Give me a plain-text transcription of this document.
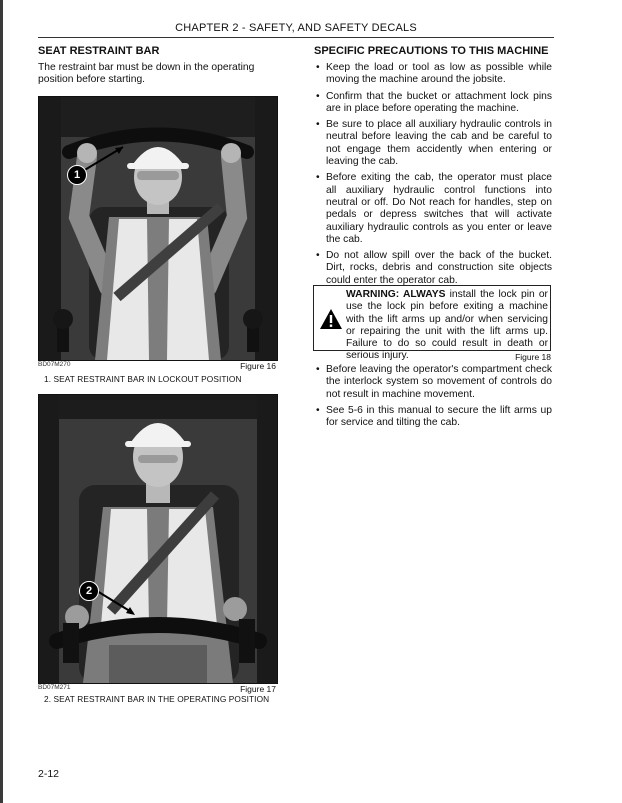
CHAPTER 2 - SAFETY, AND SAFETY DECALS
SEAT RESTRAINT BAR
The restraint bar must be down in the operating position before starting.
1
BD07M270	Figure 16
1. SEAT RESTRAINT BAR IN LOCKOUT POSITION
2
BD07M271	Figure 17
2. SEAT RESTRAINT BAR IN THE OPERATING POSITION
SPECIFIC PRECAUTIONS TO THIS MACHINE
• Keep the load or tool as low as possible while moving the machine around the jobsite.
• Confirm that the bucket or attachment lock pins are in place before operating the machine.
• Be sure to place all auxiliary hydraulic controls in neutral before leaving the cab and be careful to not engage them accidently when entering or leaving the cab.
• Before exiting the cab, the operator must place all auxiliary hydraulic control functions into neutral or off. Do Not reach for handles, step on pedals or depress switches that will activate auxiliary hydraulic controls as you enter or leave the cab.
• Do not allow spill over the back of the bucket. Dirt, rocks, debris and construction site objects could enter the operator cab.
WARNING: ALWAYS install the lock pin or use the lock pin before exiting a machine with the lift arms up and/or when servicing or repairing the unit with the lift arms up. Failure to do so could result in death or serious injury.	Figure 18
• Before leaving the operator's compartment check the interlock system so movement of controls do not result in machine movement.
• See 5-6 in this manual to secure the lift arms up for service and tilting the cab.
2-12
